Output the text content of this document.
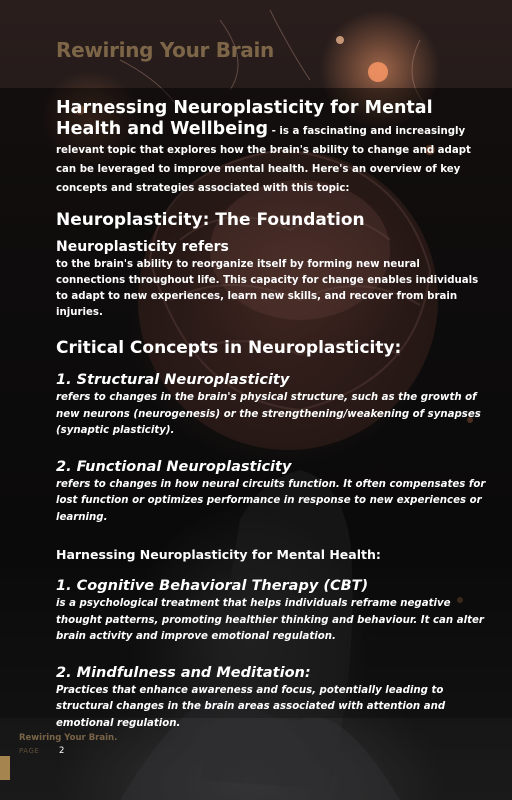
Rewiring Your Brain

Harnessing Neuroplasticity for Mental Health and Wellbeing - is a fascinating and increasingly relevant topic that explores how the brain's ability to change and adapt can be leveraged to improve mental health. Here's an overview of key concepts and strategies associated with this topic:

Neuroplasticity: The Foundation
Neuroplasticity refers

to the brain's ability to reorganize itself by forming new neural connections throughout life. This capacity for change enables individuals to adapt to new experiences, learn new skills, and recover from brain injuries.

Critical Concepts in Neuroplasticity:
1. Structural Neuroplasticity

refers to changes in the brain's physical structure, such as the growth of new neurons (neurogenesis) or the strengthening/weakening of synapses (synaptic plasticity).

2. Functional Neuroplasticity

refers to changes in how neural circuits function. It often compensates for lost function or optimizes performance in response to new experiences or learning.

Harnessing Neuroplasticity for Mental Health:
1. Cognitive Behavioral Therapy (CBT)

is a psychological treatment that helps individuals reframe negative thought patterns, promoting healthier thinking and behaviour. It can alter brain activity and improve emotional regulation.

2. Mindfulness and Meditation:

Practices that enhance awareness and focus, potentially leading to structural changes in the brain areas associated with attention and emotional regulation.

Rewiring Your Brain.

PAGE 2
